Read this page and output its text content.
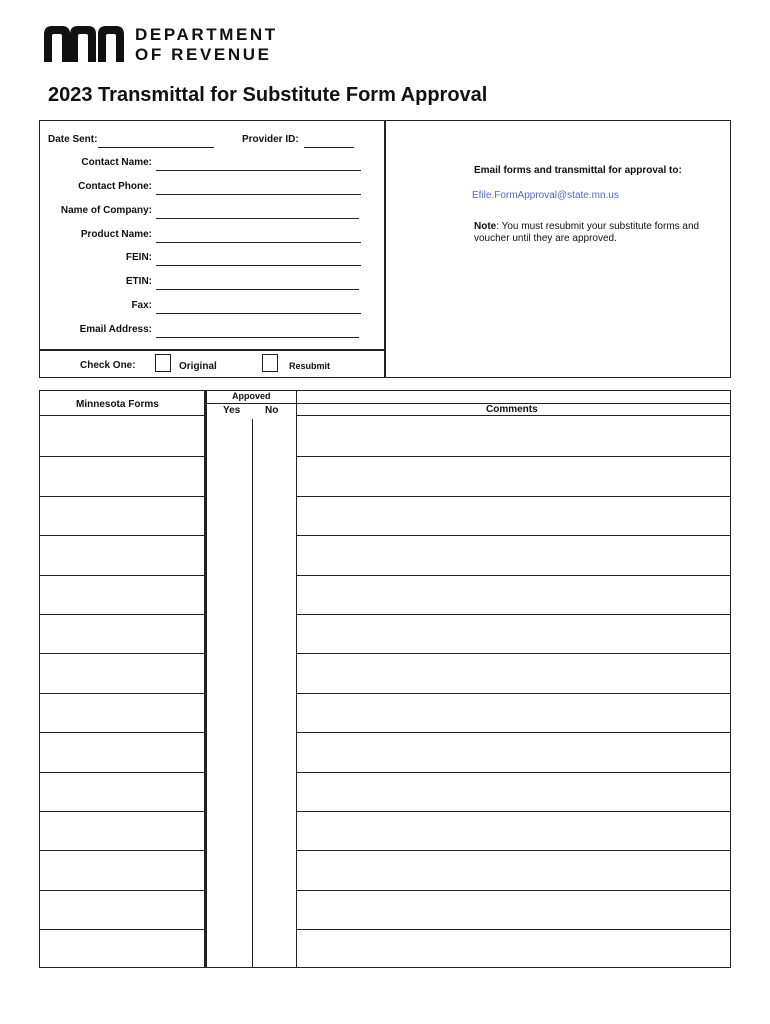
DEPARTMENT
OF REVENUE
2023 Transmittal for Substitute Form Approval
Date Sent:	Provider ID:
Contact Name:
Contact Phone:
Name of Company:
Product Name:
FEIN:
ETIN:
Fax:
Email Address:
Check One:	Original	Resubmit
Email forms and transmittal for approval to:
Efile.FormApproval@state.mn.us
Note: You must resubmit your substitute forms and voucher until they are approved.
Minnesota Forms
Appoved
Yes No	Comments
